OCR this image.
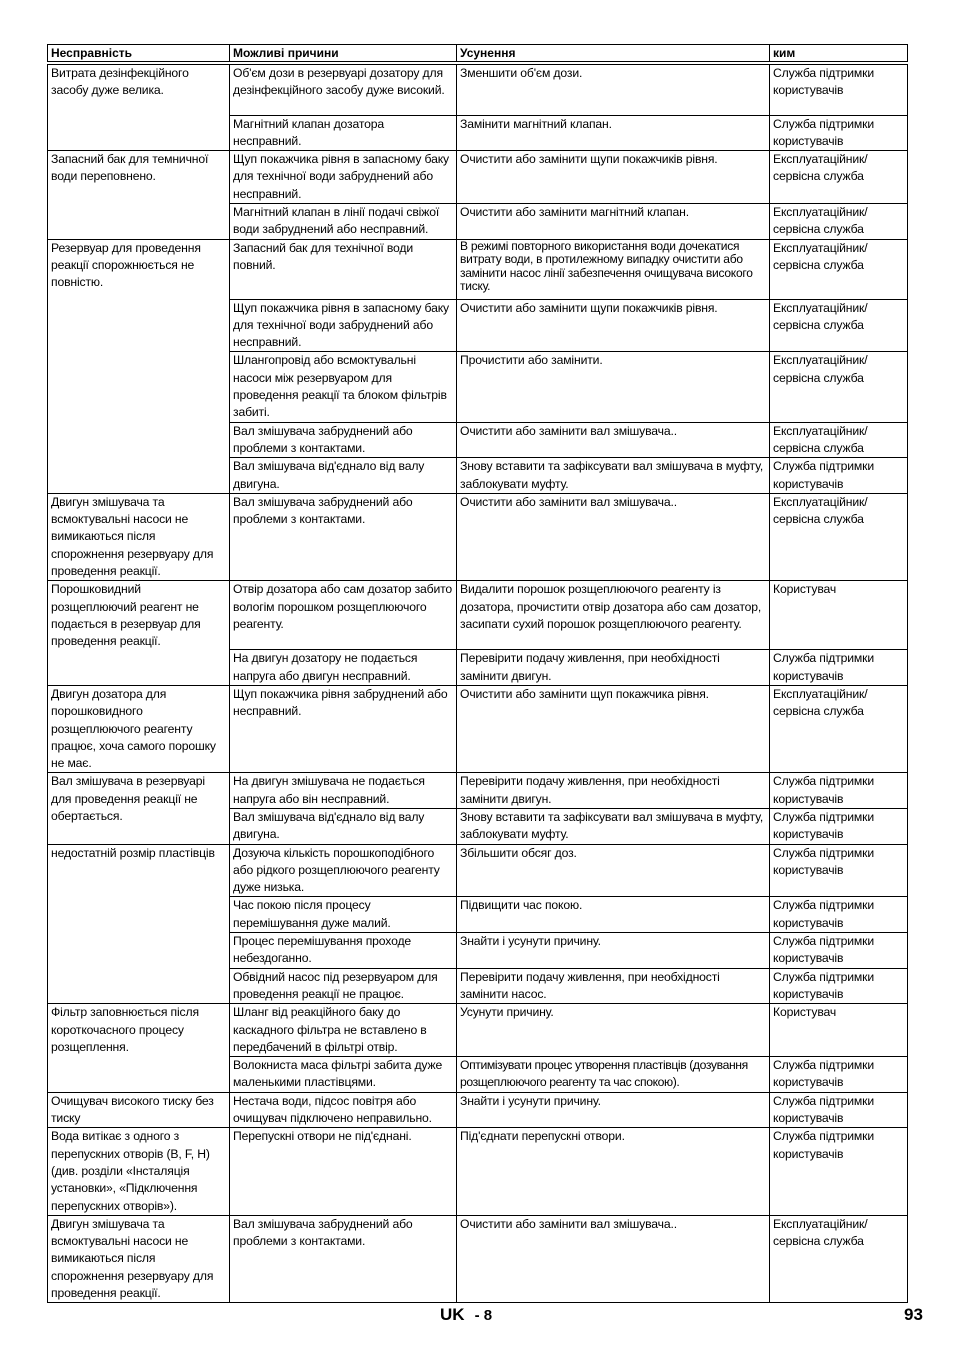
Несправність	Можливі причини	Усунення	ким
Витрата дезінфекційного засобу дуже велика.	Об'єм дози в резервуарі дозатору для дезінфекційного засобу дуже високий.	Зменшити об'єм дози.	Служба підтримки користувачів
	Магнітний клапан дозатора несправний.	Замінити магнітний клапан.	Служба підтримки користувачів
Запасний бак для темничної води переповнено.	Щуп покажчика рівня в запасному баку для технічної води забруднений або несправний.	Очистити або замінити щупи покажчиків рівня.	Експлуатаційник/ сервісна служба
	Магнітний клапан в лінії подачі свіжої води забруднений або несправний.	Очистити або замінити магнітний клапан.	Експлуатаційник/ сервісна служба
Резервуар для проведення реакції спорожнюється не повністю.	Запасний бак для технічної води повний.	В режимі повторного використання води дочекатися витрату води, в протилежному випадку очистити або замінити насос лінії забезпечення очищувача високого тиску.	Експлуатаційник/ сервісна служба
	Щуп покажчика рівня в запасному баку для технічної води забруднений або несправний.	Очистити або замінити щупи покажчиків рівня.	Експлуатаційник/ сервісна служба
	Шлангопровід або всмоктувальні насоси між резервуаром для проведення реакції та блоком фільтрів забиті.	Прочистити або замінити.	Експлуатаційник/ сервісна служба
	Вал змішувача забруднений або проблеми з контактами.	Очистити або замінити вал змішувача..	Експлуатаційник/ сервісна служба
	Вал змішувача від'єднало від валу двигуна.	Знову вставити та зафіксувати вал змішувача в муфту, заблокувати муфту.	Служба підтримки користувачів
Двигун змішувача та всмоктувальні насоси не вимикаються після спорожнення резервуару для проведення реакції.	Вал змішувача забруднений або проблеми з контактами.	Очистити або замінити вал змішувача..	Експлуатаційник/ сервісна служба
Порошковидний розщеплюючий реагент не подається в резервуар для проведення реакції.	Отвір дозатора або сам дозатор забито вологім порошком розщеплюючого реагенту.	Видалити порошок розщеплюючого реагенту із дозатора, прочистити отвір дозатора або сам дозатор, засипати сухий порошок розщеплюючого реагенту.	Користувач
	На двигун дозатору не подається напруга або двигун несправний.	Перевірити подачу живлення, при необхідності замінити двигун.	Служба підтримки користувачів
Двигун дозатора для порошковидного розщеплюючого реагенту працює, хоча самого порошку не має.	Щуп покажчика рівня забруднений або несправний.	Очистити або замінити щуп покажчика рівня.	Експлуатаційник/ сервісна служба
Вал змішувача в резервуарі для проведення реакції не обертається.	На двигун змішувача не подається напруга або він несправний.	Перевірити подачу живлення, при необхідності замінити двигун.	Служба підтримки користувачів
	Вал змішувача від'єднало від валу двигуна.	Знову вставити та зафіксувати вал змішувача в муфту, заблокувати муфту.	Служба підтримки користувачів
недостатній розмір пластівців	Дозуюча кількість порошкоподібного або рідкого розщеплюючого реагенту дуже низька.	Збільшити обсяг доз.	Служба підтримки користувачів
	Час покою після процесу перемішування дуже малий.	Підвищити час покою.	Служба підтримки користувачів
	Процес перемішування проходе небездоганно.	Знайти і усунути причину.	Служба підтримки користувачів
	Обвідний насос під резервуаром для проведення реакції не працює.	Перевірити подачу живлення, при необхідності замінити насос.	Служба підтримки користувачів
Фільтр заповнюється після короткочасного процесу розщеплення.	Шланг від реакційного баку до каскадного фільтра не вставлено в передбачений в фільтрі отвір.	Усунути причину.	Користувач
	Волокниста маса фільтрі забита дуже маленькими пластівцями.	Оптимізувати процес утворення пластівців (дозування розщеплюючого реагенту та час спокою).	Служба підтримки користувачів
Очищувач високого тиску без тиску	Нестача води, підсос повітря або очищувач підключено неправильно.	Знайти і усунути причину.	Служба підтримки користувачів
Вода витікає з одного з перепускних отворів (B, F, H) (див. розділи «Інсталяція установки», «Підключення перепускних отворів»).	Перепускні отвори не під'єднані.	Під'єднати перепускні отвори.	Служба підтримки користувачів
Двигун змішувача та всмоктувальні насоси не вимикаються після спорожнення резервуару для проведення реакції.	Вал змішувача забруднений або проблеми з контактами.	Очистити або замінити вал змішувача..	Експлуатаційник/ сервісна служба
UK - 8	93
